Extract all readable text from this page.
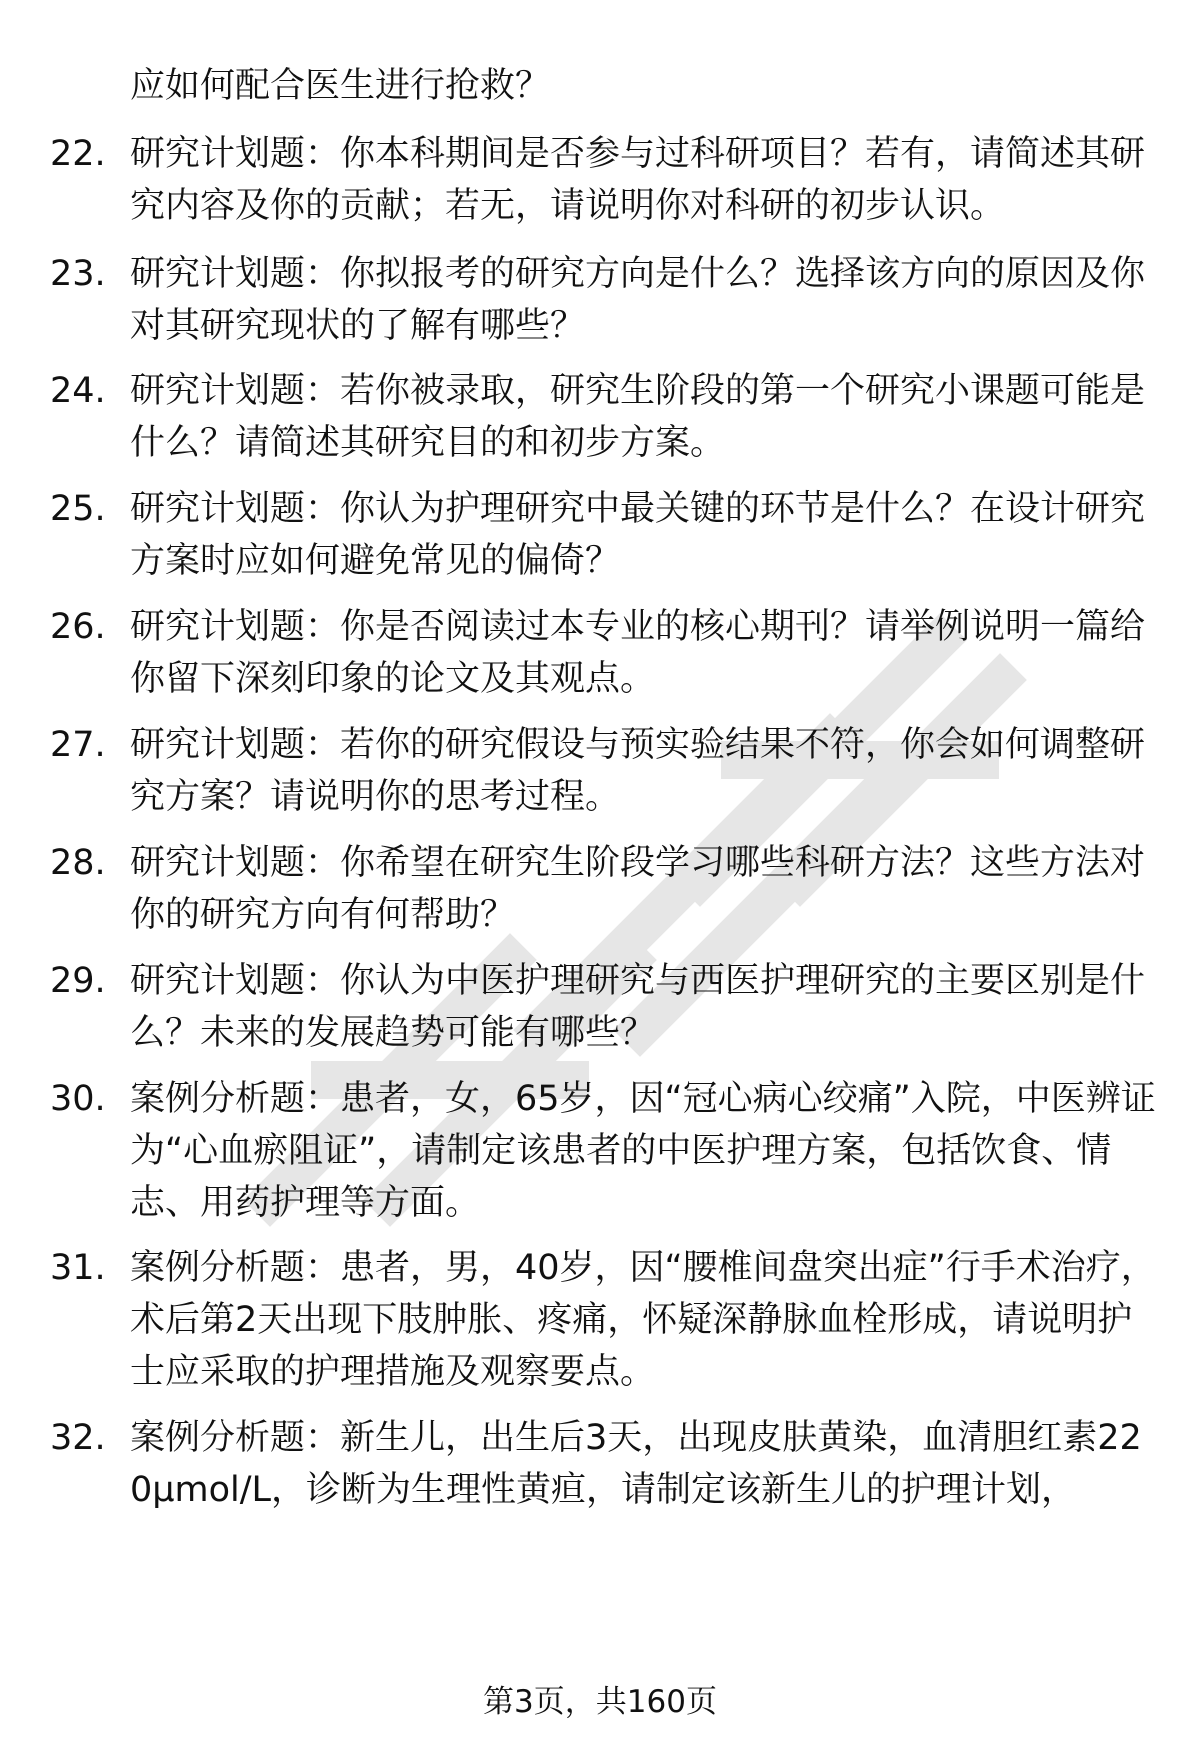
应如何配合医生进行抢救？
22. 研究计划题：你本科期间是否参与过科研项目？若有，请简述其研究内容及你的贡献；若无，请说明你对科研的初步认识。
23. 研究计划题：你拟报考的研究方向是什么？选择该方向的原因及你对其研究现状的了解有哪些？
24. 研究计划题：若你被录取，研究生阶段的第一个研究小课题可能是什么？请简述其研究目的和初步方案。
25. 研究计划题：你认为护理研究中最关键的环节是什么？在设计研究方案时应如何避免常见的偏倚？
26. 研究计划题：你是否阅读过本专业的核心期刊？请举例说明一篇给你留下深刻印象的论文及其观点。
27. 研究计划题：若你的研究假设与预实验结果不符，你会如何调整研究方案？请说明你的思考过程。
28. 研究计划题：你希望在研究生阶段学习哪些科研方法？这些方法对你的研究方向有何帮助？
29. 研究计划题：你认为中医护理研究与西医护理研究的主要区别是什么？未来的发展趋势可能有哪些？
30. 案例分析题：患者，女，65岁，因“冠心病心绞痛”入院，中医辨证为“心血瘀阻证”，请制定该患者的中医护理方案，包括饮食、情志、用药护理等方面。
31. 案例分析题：患者，男，40岁，因“腰椎间盘突出症”行手术治疗，术后第2天出现下肢肿胀、疼痛，怀疑深静脉血栓形成，请说明护士应采取的护理措施及观察要点。
32. 案例分析题：新生儿，出生后3天，出现皮肤黄染，血清胆红素220μmol/L，诊断为生理性黄疸，请制定该新生儿的护理计划，
第3页，共160页
